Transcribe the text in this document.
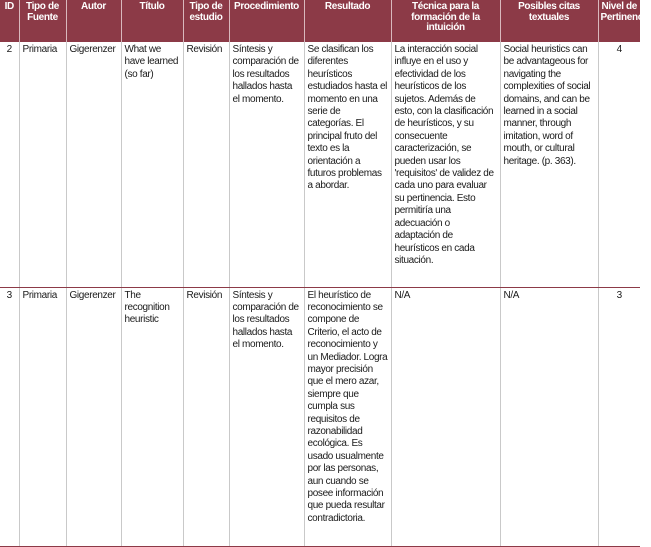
ID	Tipo de Fuente	Autor	Título	Tipo de estudio	Procedimiento	Resultado	Técnica para la formación de la intuición	Posibles citas textuales	Nivel de Pertinencia
2	Primaria	Gigerenzer	What we have learned (so far)	Revisión	Síntesis y comparación de los resultados hallados hasta el momento.	Se clasifican los diferentes heurísticos estudiados hasta el momento en una serie de categorías. El principal fruto del texto es la orientación a futuros problemas a abordar.	La interacción social influye en el uso y efectividad de los heurísticos de los sujetos. Además de esto, con la clasificación de heurísticos, y su consecuente caracterización, se pueden usar los 'requisitos' de validez de cada uno para evaluar su pertinencia. Esto permitiría una adecuación o adaptación de heurísticos en cada situación.	Social heuristics can be advantageous for navigating the complexities of social domains, and can be learned in a social manner, through imitation, word of mouth, or cultural heritage. (p. 363).	4
3	Primaria	Gigerenzer	The recognition heuristic	Revisión	Síntesis y comparación de los resultados hallados hasta el momento.	El heurístico de reconocimiento se compone de Criterio, el acto de reconocimiento y un Mediador. Logra mayor precisión que el mero azar, siempre que cumpla sus requisitos de razonabilidad ecológica. Es usado usualmente por las personas, aun cuando se posee información que pueda resultar contradictoria.	N/A	N/A	3
